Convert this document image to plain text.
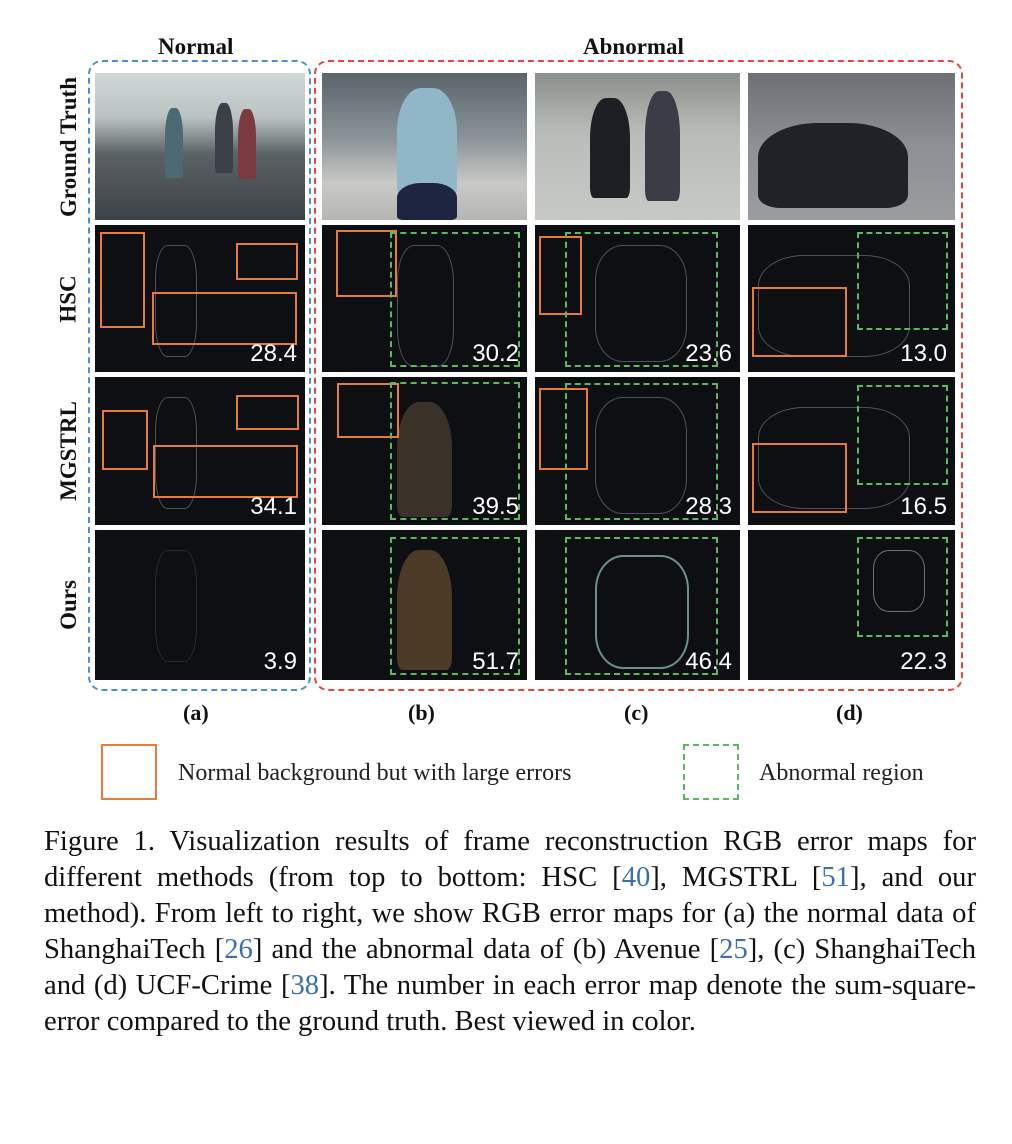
Normal	Abnormal
Ground Truth
HSC
MGSTRL
Ours
28.4	30.2	23.6	13.0
34.1	39.5	28.3	16.5
3.9	51.7	46.4	22.3
(a)	(b)	(c)	(d)
Normal background but with large errors	Abnormal region
Figure 1. Visualization results of frame reconstruction RGB error maps for different methods (from top to bottom: HSC [40], MGSTRL [51], and our method). From left to right, we show RGB error maps for (a) the normal data of ShanghaiTech [26] and the abnormal data of (b) Avenue [25], (c) ShanghaiTech and (d) UCF-Crime [38]. The number in each error map denote the sum-square-error compared to the ground truth. Best viewed in color.
